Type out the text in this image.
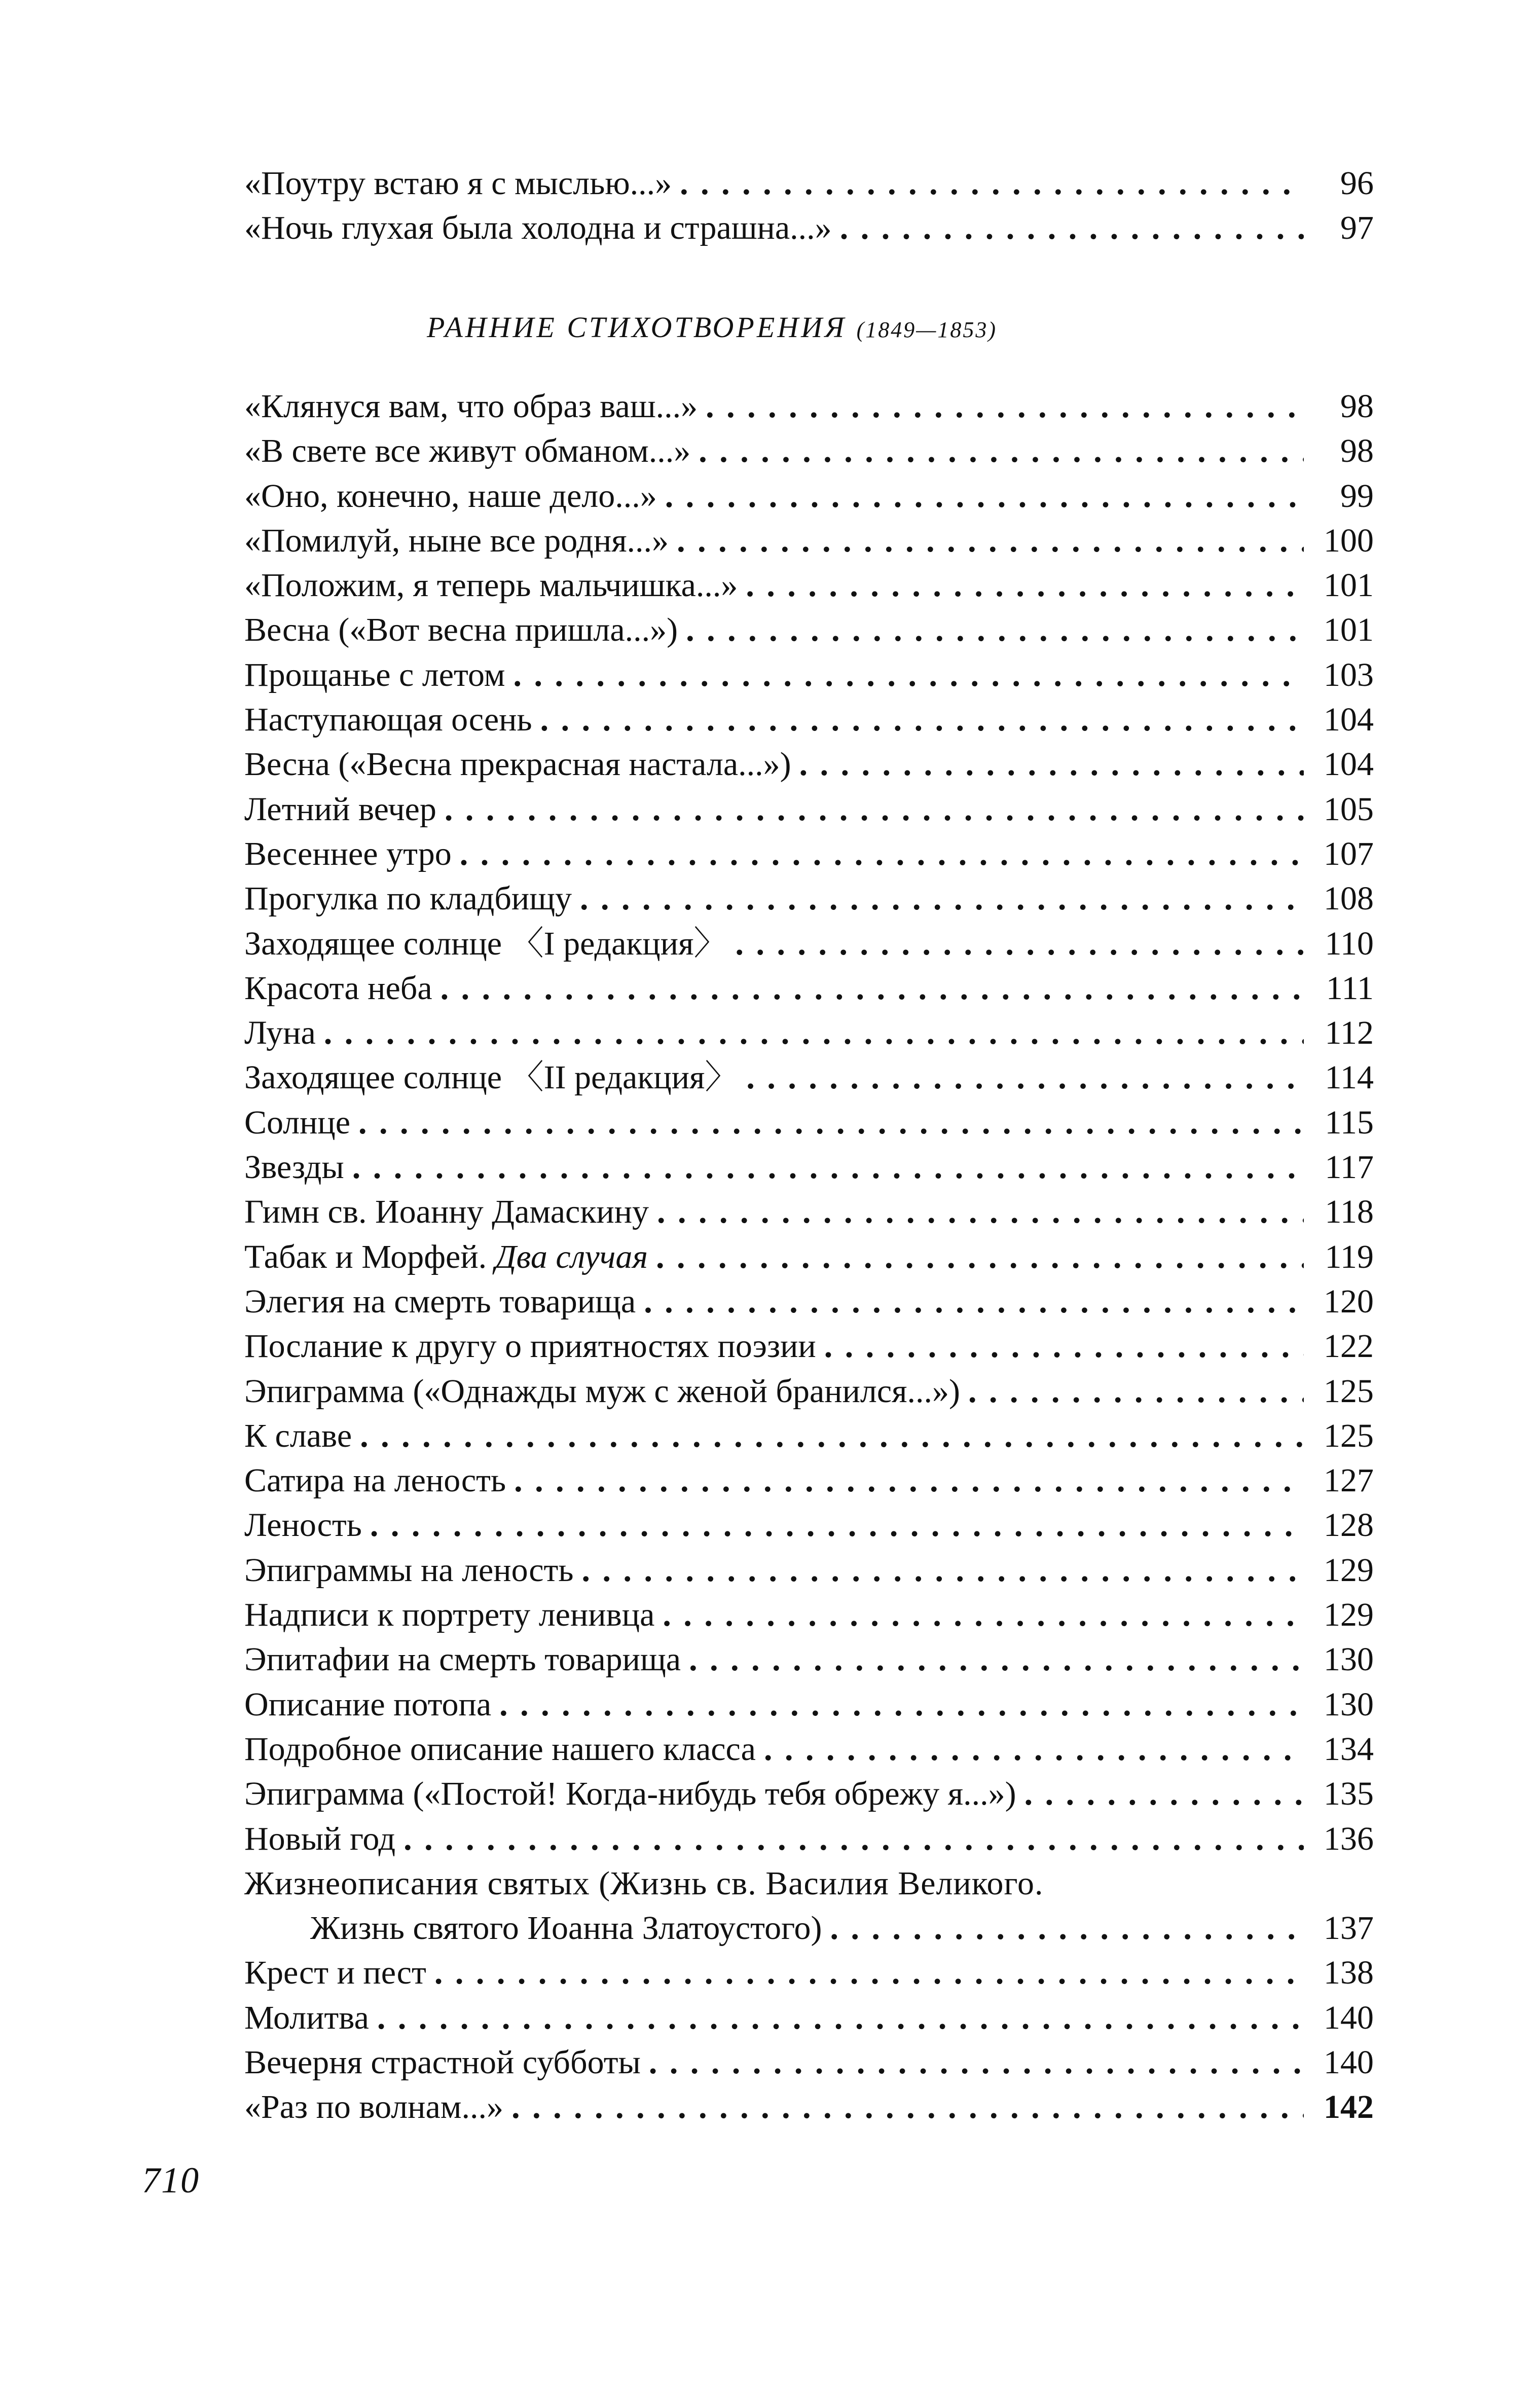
«Поутру встаю я с мыслью...» . . .	96
«Ночь глухая была холодна и страшна...» . . .	97
РАННИЕ СТИХОТВОРЕНИЯ (1849—1853)
«Клянуся вам, что образ ваш...» . . .	98
«В свете все живут обманом...» . . .	98
«Оно, конечно, наше дело...» . . .	99
«Помилуй, ныне все родня...» . . .	100
«Положим, я теперь мальчишка...» . . .	101
Весна («Вот весна пришла...») . . .	101
Прощанье с летом . . .	103
Наступающая осень . . .	104
Весна («Весна прекрасная настала...») . . .	104
Летний вечер . . .	105
Весеннее утро . . .	107
Прогулка по кладбищу . . .	108
Заходящее солнце 〈I редакция〉 . . .	110
Красота неба . . .	111
Луна . . .	112
Заходящее солнце 〈II редакция〉 . . .	114
Солнце . . .	115
Звезды . . .	117
Гимн св. Иоанну Дамаскину . . .	118
Табак и Морфей. Два случая . . .	119
Элегия на смерть товарища . . .	120
Послание к другу о приятностях поэзии . . .	122
Эпиграмма («Однажды муж с женой бранился...») . . .	125
К славе . . .	125
Сатира на леность . . .	127
Леность . . .	128
Эпиграммы на леность . . .	129
Надписи к портрету ленивца . . .	129
Эпитафии на смерть товарища . . .	130
Описание потопа . . .	130
Подробное описание нашего класса . . .	134
Эпиграмма («Постой! Когда-нибудь тебя обрежу я...») . . .	135
Новый год . . .	136
Жизнеописания святых (Жизнь св. Василия Великого.
Жизнь святого Иоанна Златоустого) . . .	137
Крест и пест . . .	138
Молитва . . .	140
Вечерня страстной субботы . . .	140
«Раз по волнам...» . . .	142
710
